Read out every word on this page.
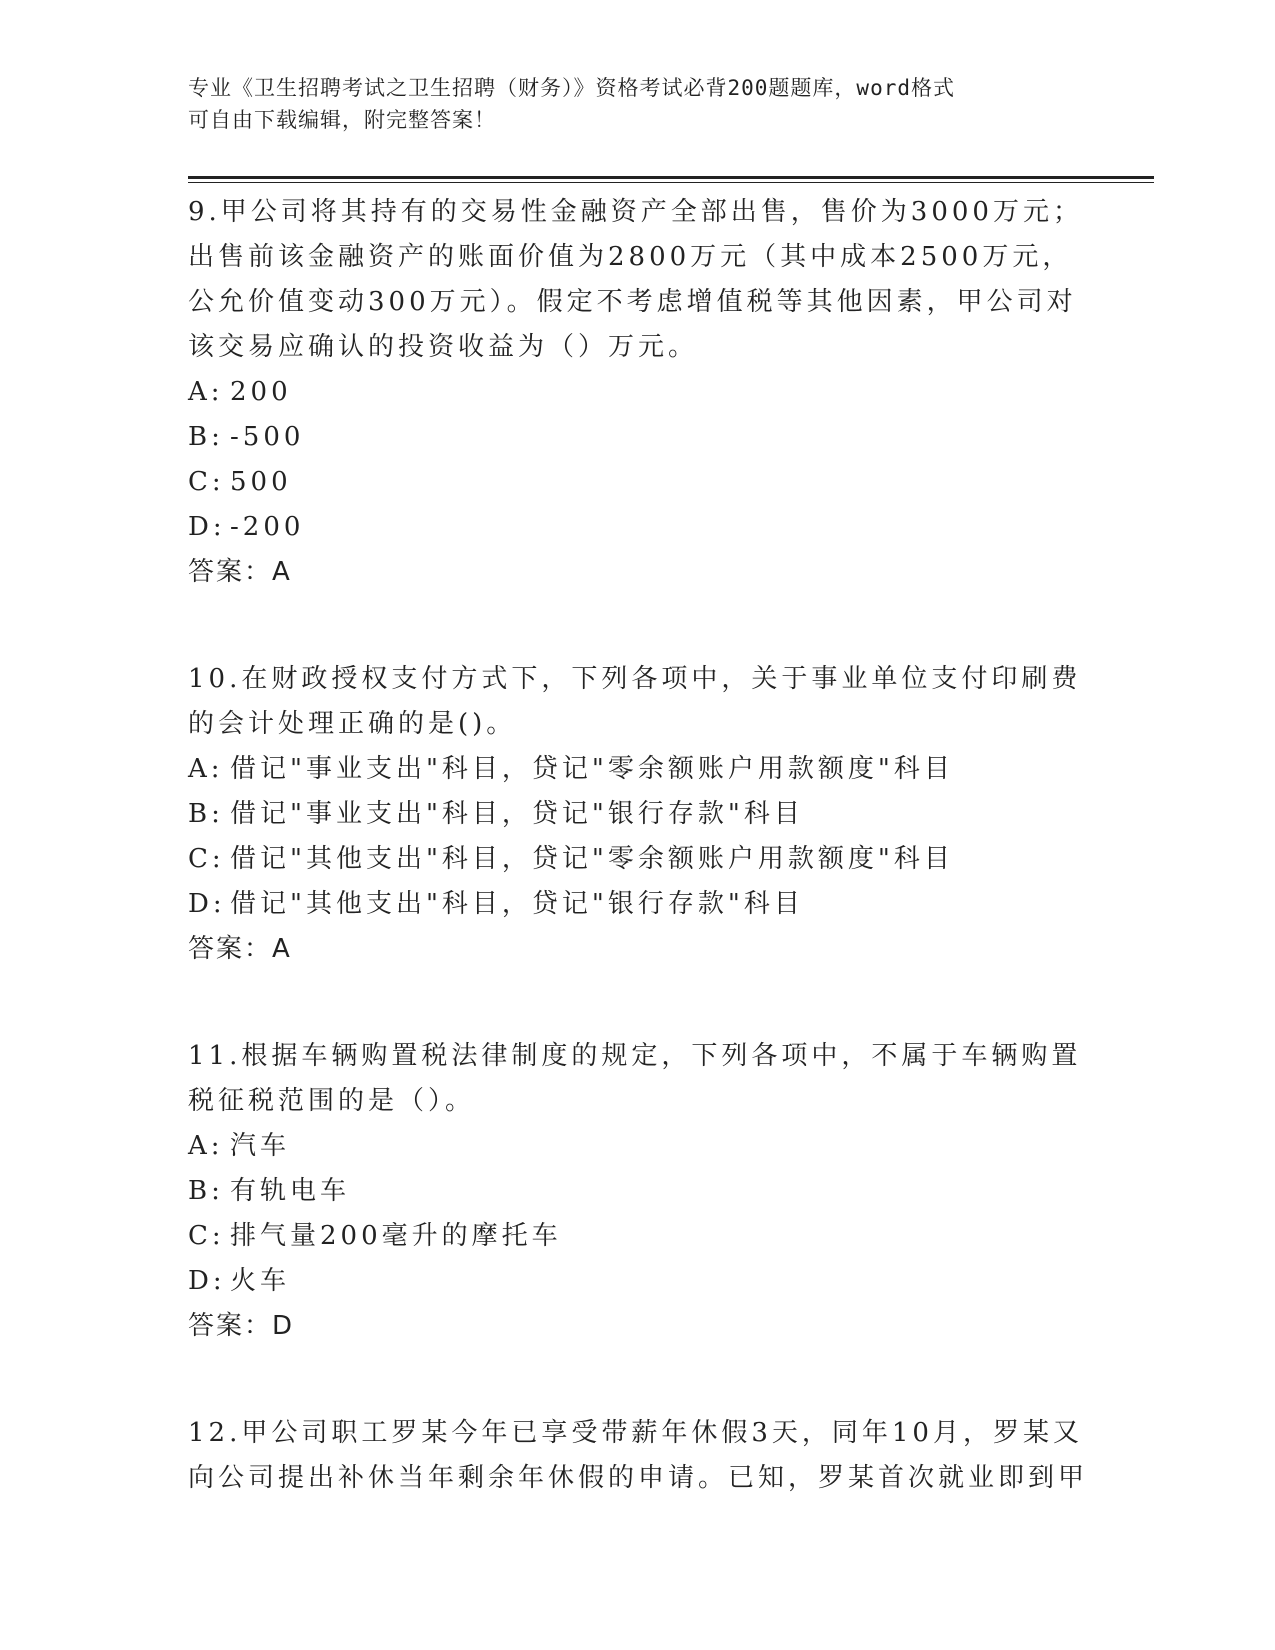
专业《卫生招聘考试之卫生招聘（财务）》资格考试必背200题题库，word格式
可自由下载编辑，附完整答案！

9.甲公司将其持有的交易性金融资产全部出售，售价为3000万元；出售前该金融资产的账面价值为2800万元（其中成本2500万元，公允价值变动300万元）。假定不考虑增值税等其他因素，甲公司对该交易应确认的投资收益为（）万元。

A: 200
B: -500
C: 500
D: -200

答案：A

10.在财政授权支付方式下，下列各项中，关于事业单位支付印刷费的会计处理正确的是()。

A: 借记"事业支出"科目，贷记"零余额账户用款额度"科目
B: 借记"事业支出"科目，贷记"银行存款"科目
C: 借记"其他支出"科目，贷记"零余额账户用款额度"科目
D: 借记"其他支出"科目，贷记"银行存款"科目

答案：A

11.根据车辆购置税法律制度的规定，下列各项中，不属于车辆购置税征税范围的是（）。

A: 汽车
B: 有轨电车
C: 排气量200毫升的摩托车
D: 火车

答案：D

12.甲公司职工罗某今年已享受带薪年休假3天，同年10月，罗某又向公司提出补休当年剩余年休假的申请。已知，罗某首次就业即到甲
